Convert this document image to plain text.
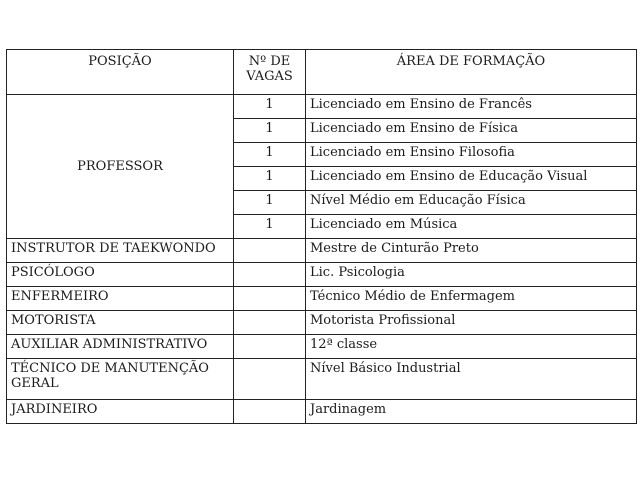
POSIÇÃO	Nº DE VAGAS	ÁREA DE FORMAÇÃO
PROFESSOR	1	Licenciado em Ensino de Francês
	1	Licenciado em Ensino de Física
	1	Licenciado em Ensino Filosofia
	1	Licenciado em Ensino de Educação Visual
	1	Nível Médio em Educação Física
	1	Licenciado em Música
INSTRUTOR DE TAEKWONDO		Mestre de Cinturão Preto
PSICÓLOGO		Lic. Psicologia
ENFERMEIRO		Técnico Médio de Enfermagem
MOTORISTA		Motorista Profissional
AUXILIAR ADMINISTRATIVO		12ª classe
TÉCNICO DE MANUTENÇÃO GERAL		Nível Básico Industrial
JARDINEIRO		Jardinagem
